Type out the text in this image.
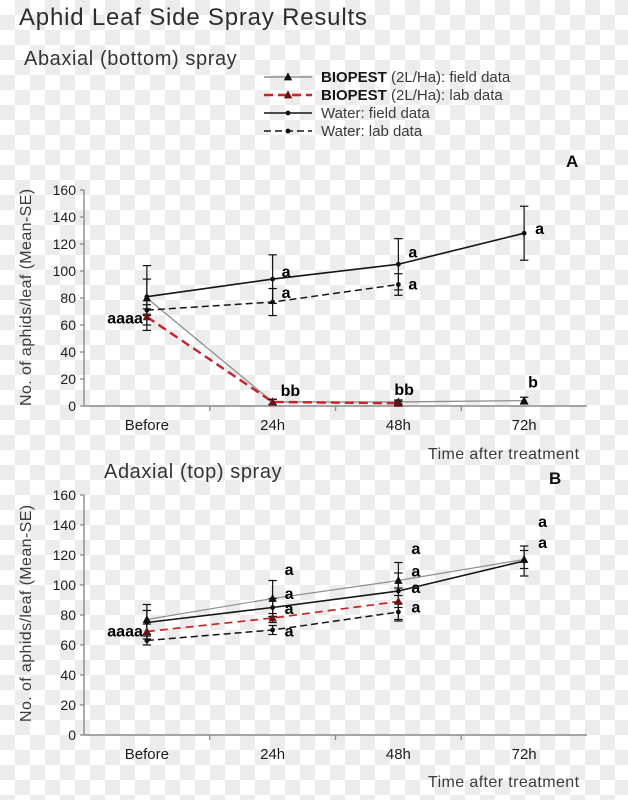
Aphid Leaf Side Spray Results
Abaxial (bottom) spray
BIOPEST (2L/Ha): field data
BIOPEST (2L/Ha): lab data
Water: field data
Water: lab data
A
No. of aphids/leaf (Mean-SE)
Time after treatment
Adaxial (top) spray	B
No. of aphids/leaf (Mean-SE)
Time after treatment
0
20
40
60
80
100
120
140
160
Before	24h	48h	72h
aaaa
a
a
a
a
a
bb	bb	b
0
20
40
60
80
100
120
140
160
Before	24h	48h	72h
aaaa
a
a
a
a
a
a
a
a
a
a
